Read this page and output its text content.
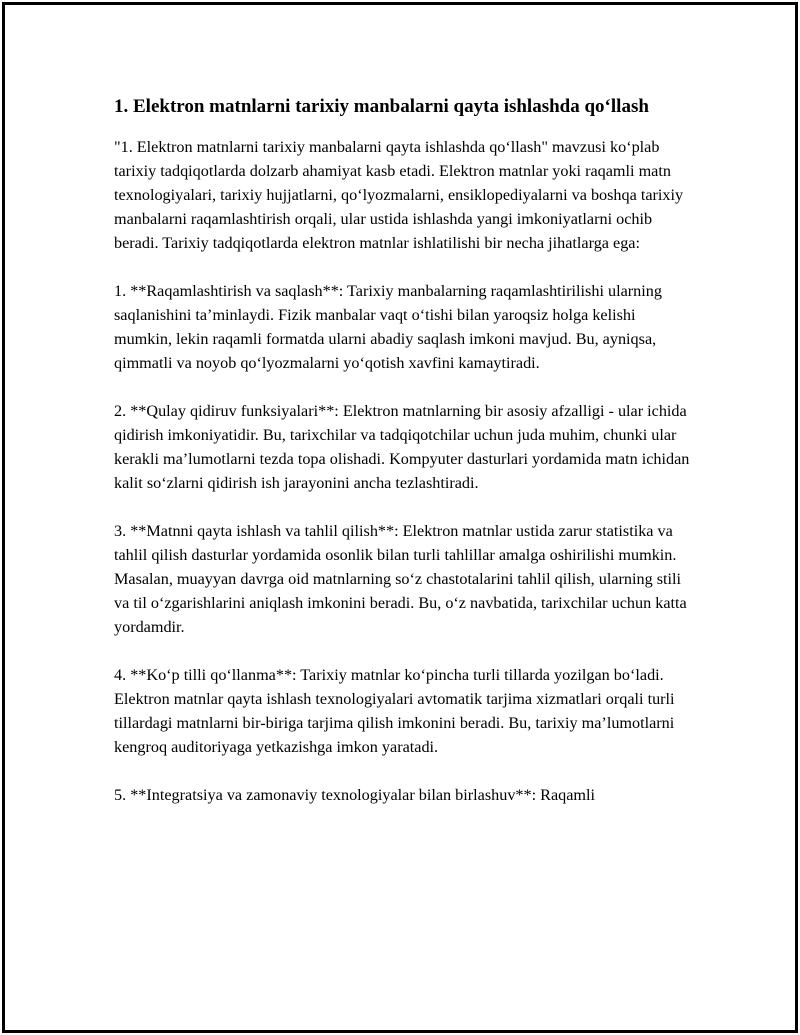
1. Elektron matnlarni tarixiy manbalarni qayta ishlashda qo‘llash

"1. Elektron matnlarni tarixiy manbalarni qayta ishlashda qo‘llash" mavzusi ko‘plab tarixiy tadqiqotlarda dolzarb ahamiyat kasb etadi. Elektron matnlar yoki raqamli matn texnologiyalari, tarixiy hujjatlarni, qo‘lyozmalarni, ensiklopediyalarni va boshqa tarixiy manbalarni raqamlashtirish orqali, ular ustida ishlashda yangi imkoniyatlarni ochib beradi. Tarixiy tadqiqotlarda elektron matnlar ishlatilishi bir necha jihatlarga ega:

1. **Raqamlashtirish va saqlash**: Tarixiy manbalarning raqamlashtirilishi ularning saqlanishini ta’minlaydi. Fizik manbalar vaqt o‘tishi bilan yaroqsiz holga kelishi mumkin, lekin raqamli formatda ularni abadiy saqlash imkoni mavjud. Bu, ayniqsa, qimmatli va noyob qo‘lyozmalarni yo‘qotish xavfini kamaytiradi.

2. **Qulay qidiruv funksiyalari**: Elektron matnlarning bir asosiy afzalligi - ular ichida qidirish imkoniyatidir. Bu, tarixchilar va tadqiqotchilar uchun juda muhim, chunki ular kerakli ma’lumotlarni tezda topa olishadi. Kompyuter dasturlari yordamida matn ichidan kalit so‘zlarni qidirish ish jarayonini ancha tezlashtiradi.

3. **Matnni qayta ishlash va tahlil qilish**: Elektron matnlar ustida zarur statistika va tahlil qilish dasturlar yordamida osonlik bilan turli tahlillar amalga oshirilishi mumkin. Masalan, muayyan davrga oid matnlarning so‘z chastotalarini tahlil qilish, ularning stili va til o‘zgarishlarini aniqlash imkonini beradi. Bu, o‘z navbatida, tarixchilar uchun katta yordamdir.

4. **Ko‘p tilli qo‘llanma**: Tarixiy matnlar ko‘pincha turli tillarda yozilgan bo‘ladi. Elektron matnlar qayta ishlash texnologiyalari avtomatik tarjima xizmatlari orqali turli tillardagi matnlarni bir-biriga tarjima qilish imkonini beradi. Bu, tarixiy ma’lumotlarni kengroq auditoriyaga yetkazishga imkon yaratadi.

5. **Integratsiya va zamonaviy texnologiyalar bilan birlashuv**: Raqamli
